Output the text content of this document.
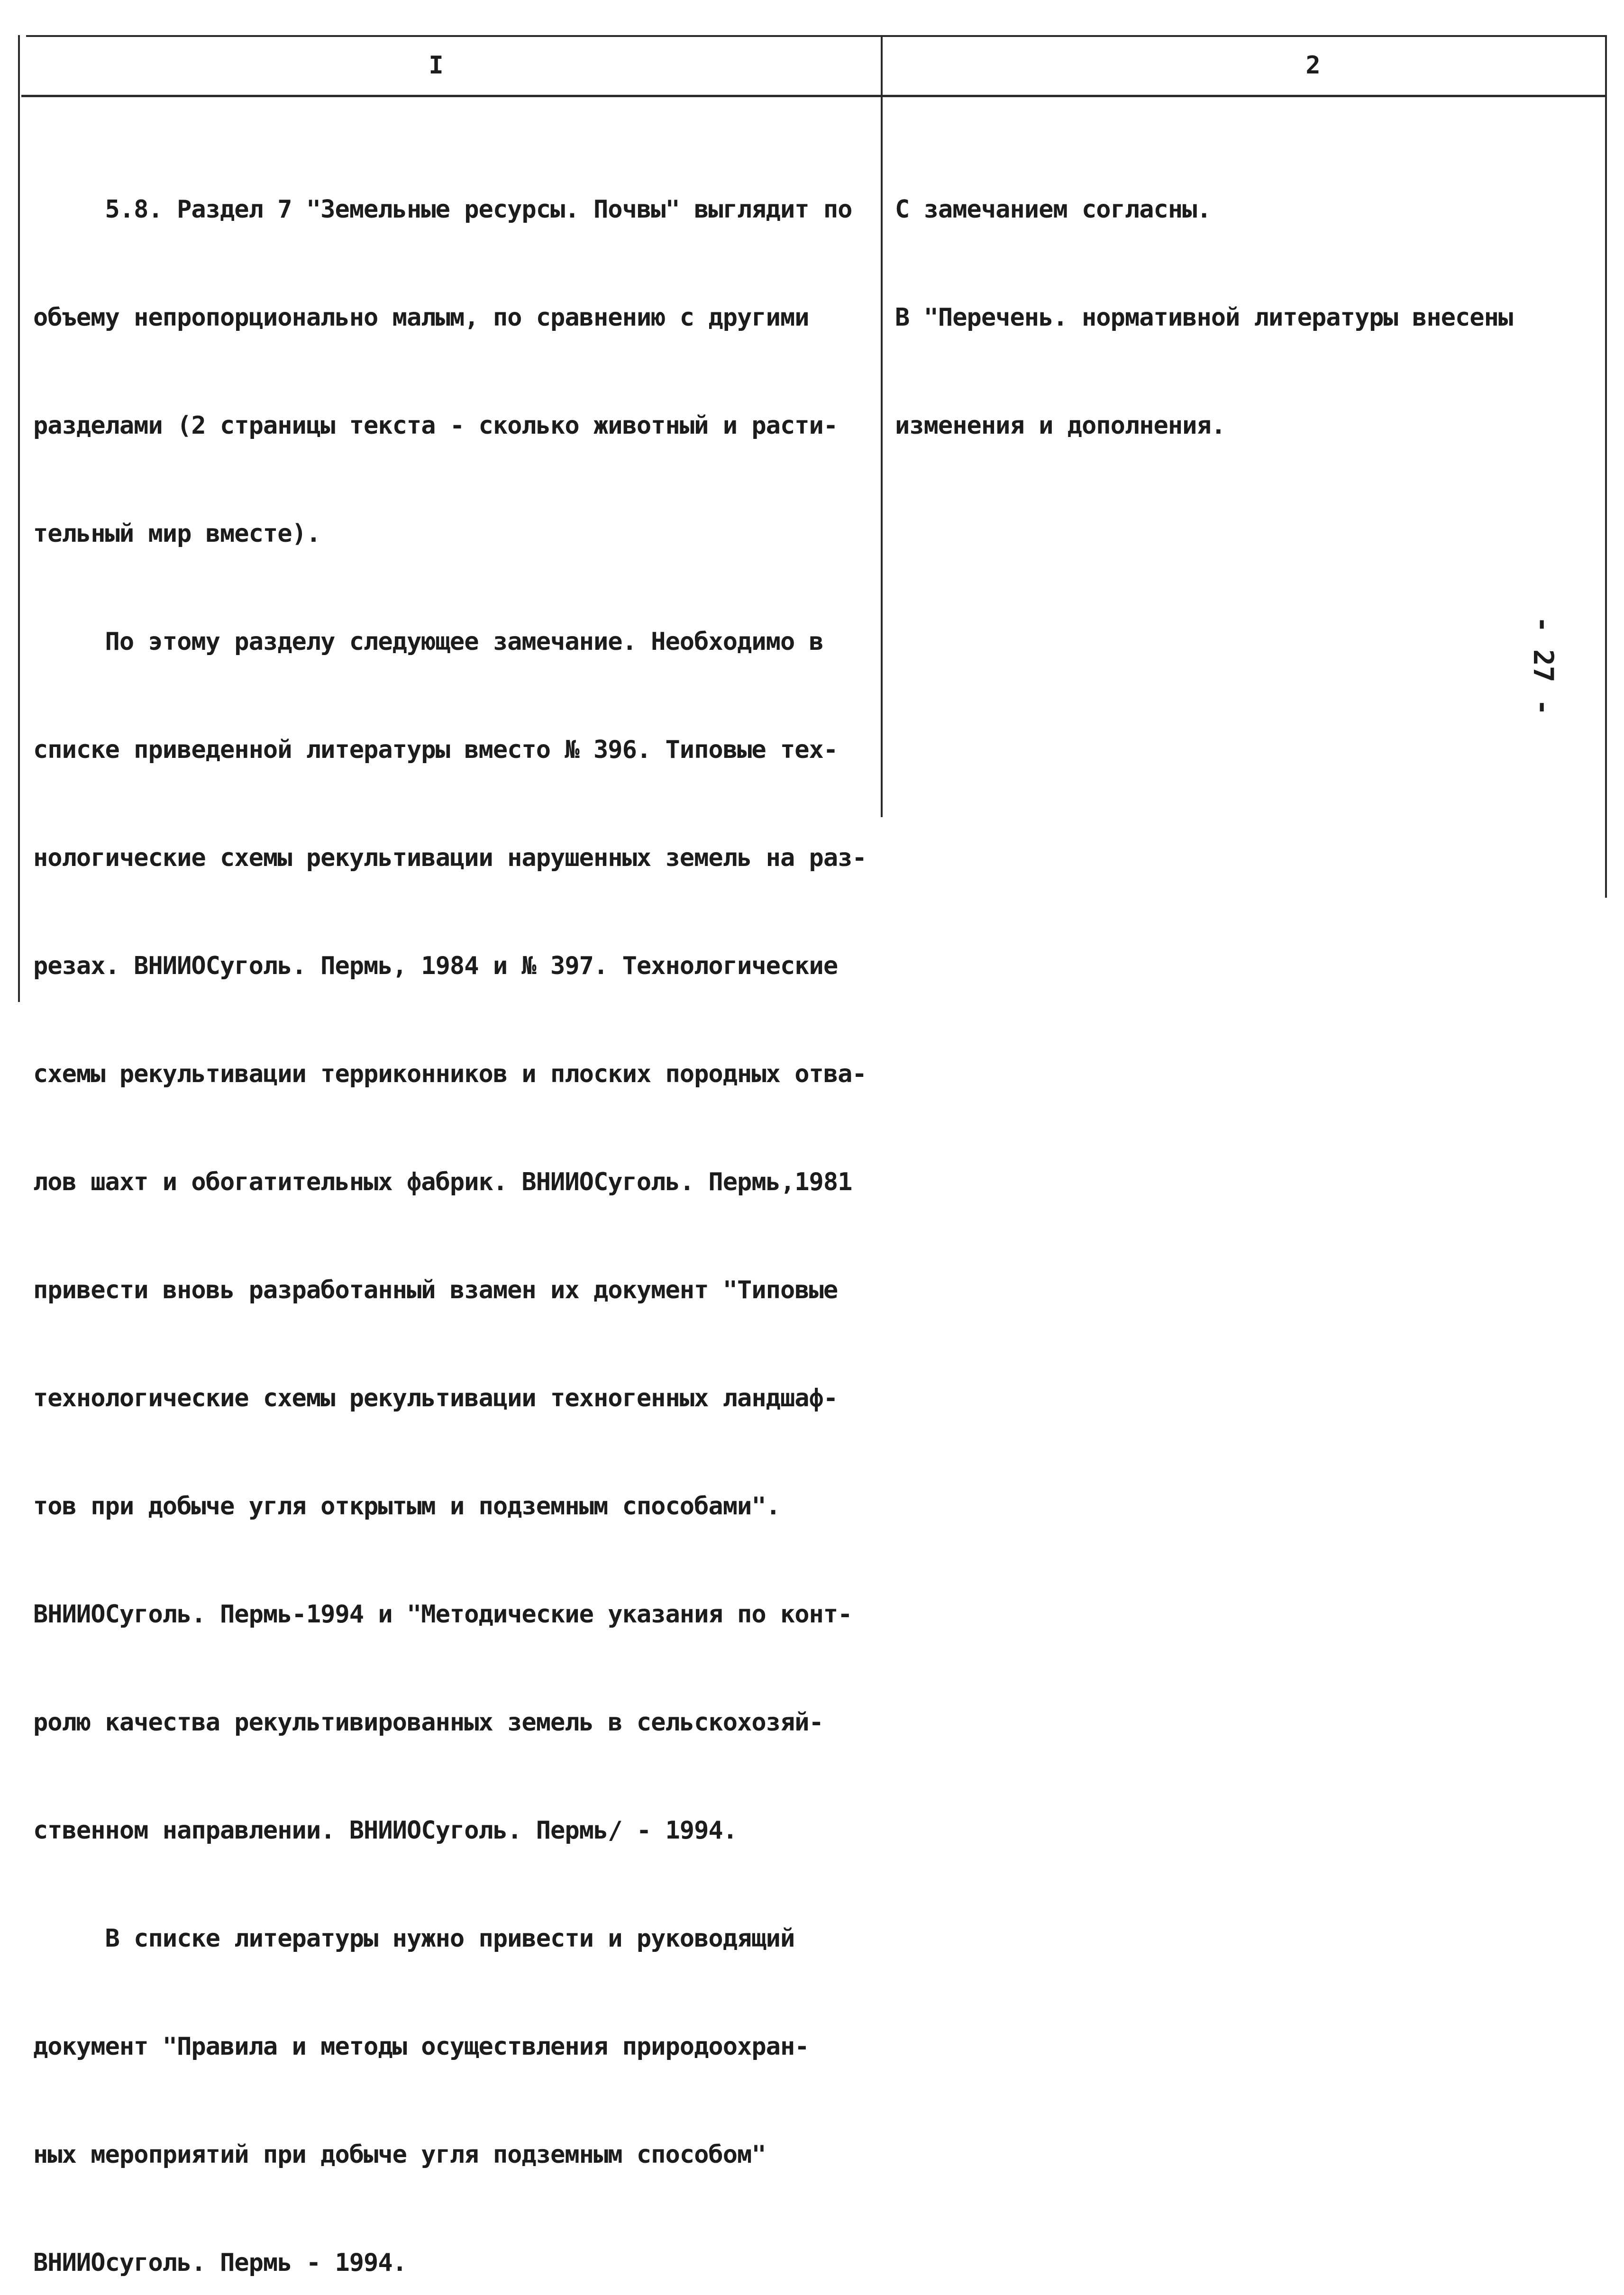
I	2

5.8. Раздел 7 "Земельные ресурсы. Почвы" выглядит по

объему непропорционально малым, по сравнению с другими

разделами (2 страницы текста - сколько животный и расти-

тельный мир вместе).

По этому разделу следующее замечание. Необходимо в

списке приведенной литературы вместо № 396. Типовые тех-

нологические схемы рекультивации нарушенных земель на раз-

резах. ВНИИОСуголь. Пермь, 1984 и № 397. Технологические

схемы рекультивации терриконников и плоских породных отва-

лов шахт и обогатительных фабрик. ВНИИОСуголь. Пермь,1981

привести вновь разработанный взамен их документ "Типовые

технологические схемы рекультивации техногенных ландшаф-

тов при добыче угля открытым и подземным способами".

ВНИИОСуголь. Пермь-1994 и "Методические указания по конт-

ролю качества рекультивированных земель в сельскохозяй-

ственном направлении. ВНИИОСуголь. Пермь/ - 1994.

В списке литературы нужно привести и руководящий

документ "Правила и методы осуществления природоохран-

ных мероприятий при добыче угля подземным способом"

ВНИИОсуголь. Пермь - 1994.

С замечанием согласны.

В "Перечень. нормативной литературы внесены

изменения и дополнения.

- 27 -
